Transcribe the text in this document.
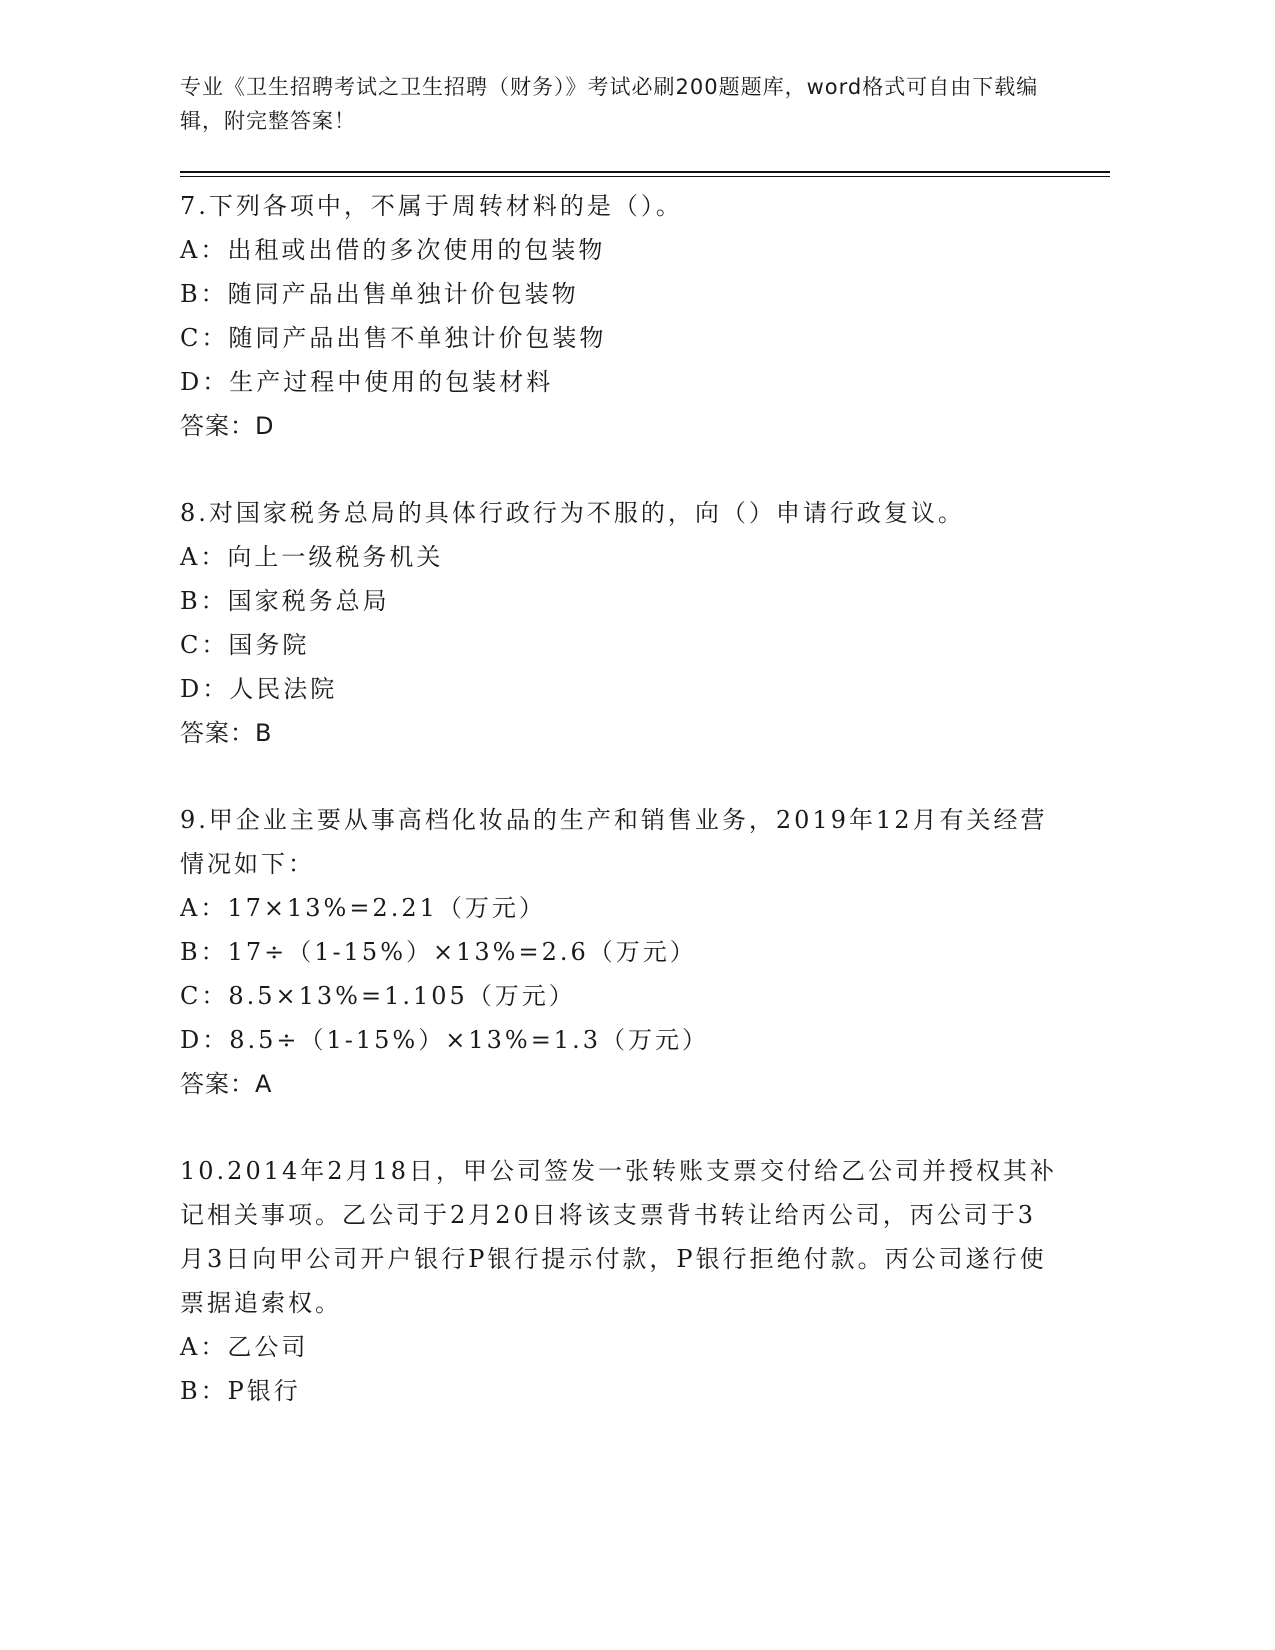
专业《卫生招聘考试之卫生招聘（财务）》考试必刷200题题库，word格式可自由下载编辑，附完整答案！
7.下列各项中，不属于周转材料的是（）。
A：出租或出借的多次使用的包装物
B：随同产品出售单独计价包装物
C：随同产品出售不单独计价包装物
D：生产过程中使用的包装材料
答案：D
8.对国家税务总局的具体行政行为不服的，向（）申请行政复议。
A：向上一级税务机关
B：国家税务总局
C：国务院
D：人民法院
答案：B
9.甲企业主要从事高档化妆品的生产和销售业务，2019年12月有关经营情况如下：
A：17×13%=2.21（万元）
B：17÷（1-15%）×13%=2.6（万元）
C：8.5×13%=1.105（万元）
D：8.5÷（1-15%）×13%=1.3（万元）
答案：A
10.2014年2月18日，甲公司签发一张转账支票交付给乙公司并授权其补记相关事项。乙公司于2月20日将该支票背书转让给丙公司，丙公司于3月3日向甲公司开户银行P银行提示付款，P银行拒绝付款。丙公司遂行使票据追索权。
A：乙公司
B：P银行
